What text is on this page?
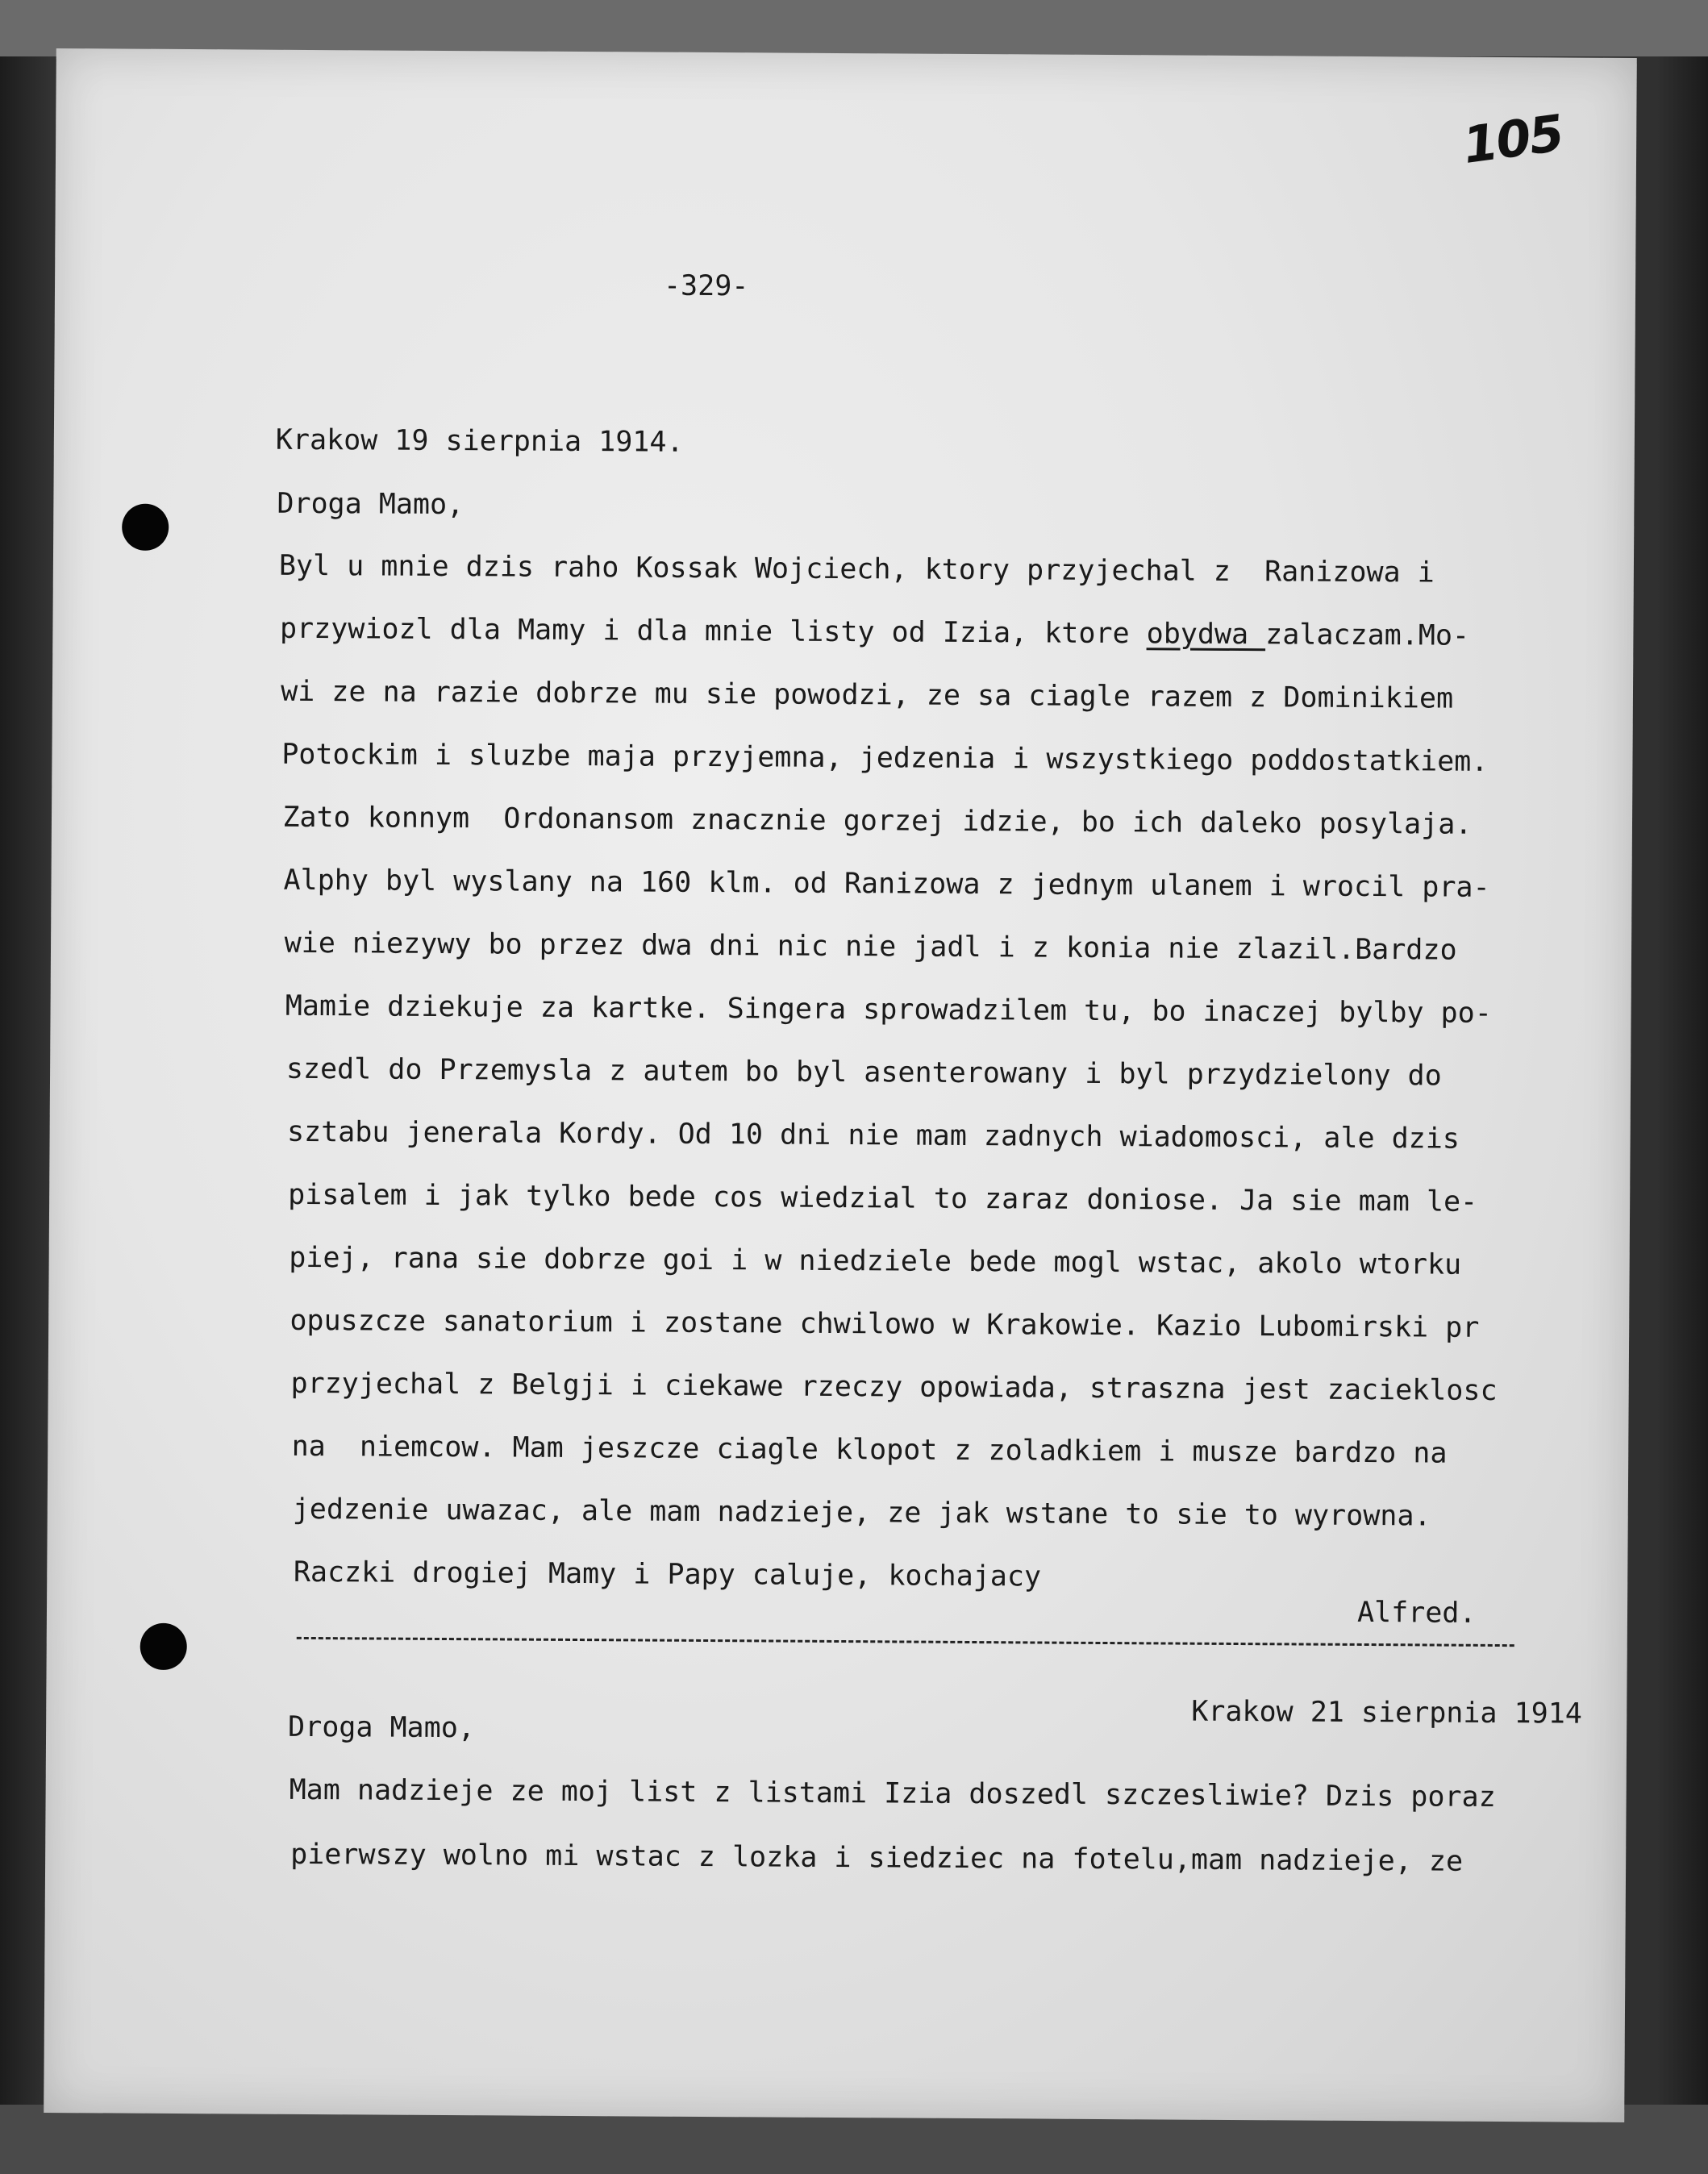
105
-329-
Krakow 19 sierpnia 1914.
Droga Mamo,
Byl u mnie dzis raho Kossak Wojciech, ktory przyjechal z  Ranizowa i
przywiozl dla Mamy i dla mnie listy od Izia, ktore obydwa zalaczam.Mo-
wi ze na razie dobrze mu sie powodzi, ze sa ciagle razem z Dominikiem
Potockim i sluzbe maja przyjemna, jedzenia i wszystkiego poddostatkiem.
Zato konnym  Ordonansom znacznie gorzej idzie, bo ich daleko posylaja.
Alphy byl wyslany na 160 klm. od Ranizowa z jednym ulanem i wrocil pra-
wie niezywy bo przez dwa dni nic nie jadl i z konia nie zlazil.Bardzo
Mamie dziekuje za kartke. Singera sprowadzilem tu, bo inaczej bylby po-
szedl do Przemysla z autem bo byl asenterowany i byl przydzielony do
sztabu jenerala Kordy. Od 10 dni nie mam zadnych wiadomosci, ale dzis
pisalem i jak tylko bede cos wiedzial to zaraz doniose. Ja sie mam le-
piej, rana sie dobrze goi i w niedziele bede mogl wstac, akolo wtorku
opuszcze sanatorium i zostane chwilowo w Krakowie. Kazio Lubomirski pr
przyjechal z Belgji i ciekawe rzeczy opowiada, straszna jest zacieklosc
na  niemcow. Mam jeszcze ciagle klopot z zoladkiem i musze bardzo na
jedzenie uwazac, ale mam nadzieje, ze jak wstane to sie to wyrowna.
Raczki drogiej Mamy i Papy caluje, kochajacy
Alfred.
Krakow 21 sierpnia 1914
Droga Mamo,
Mam nadzieje ze moj list z listami Izia doszedl szczesliwie? Dzis poraz
pierwszy wolno mi wstac z lozka i siedziec na fotelu,mam nadzieje, ze
